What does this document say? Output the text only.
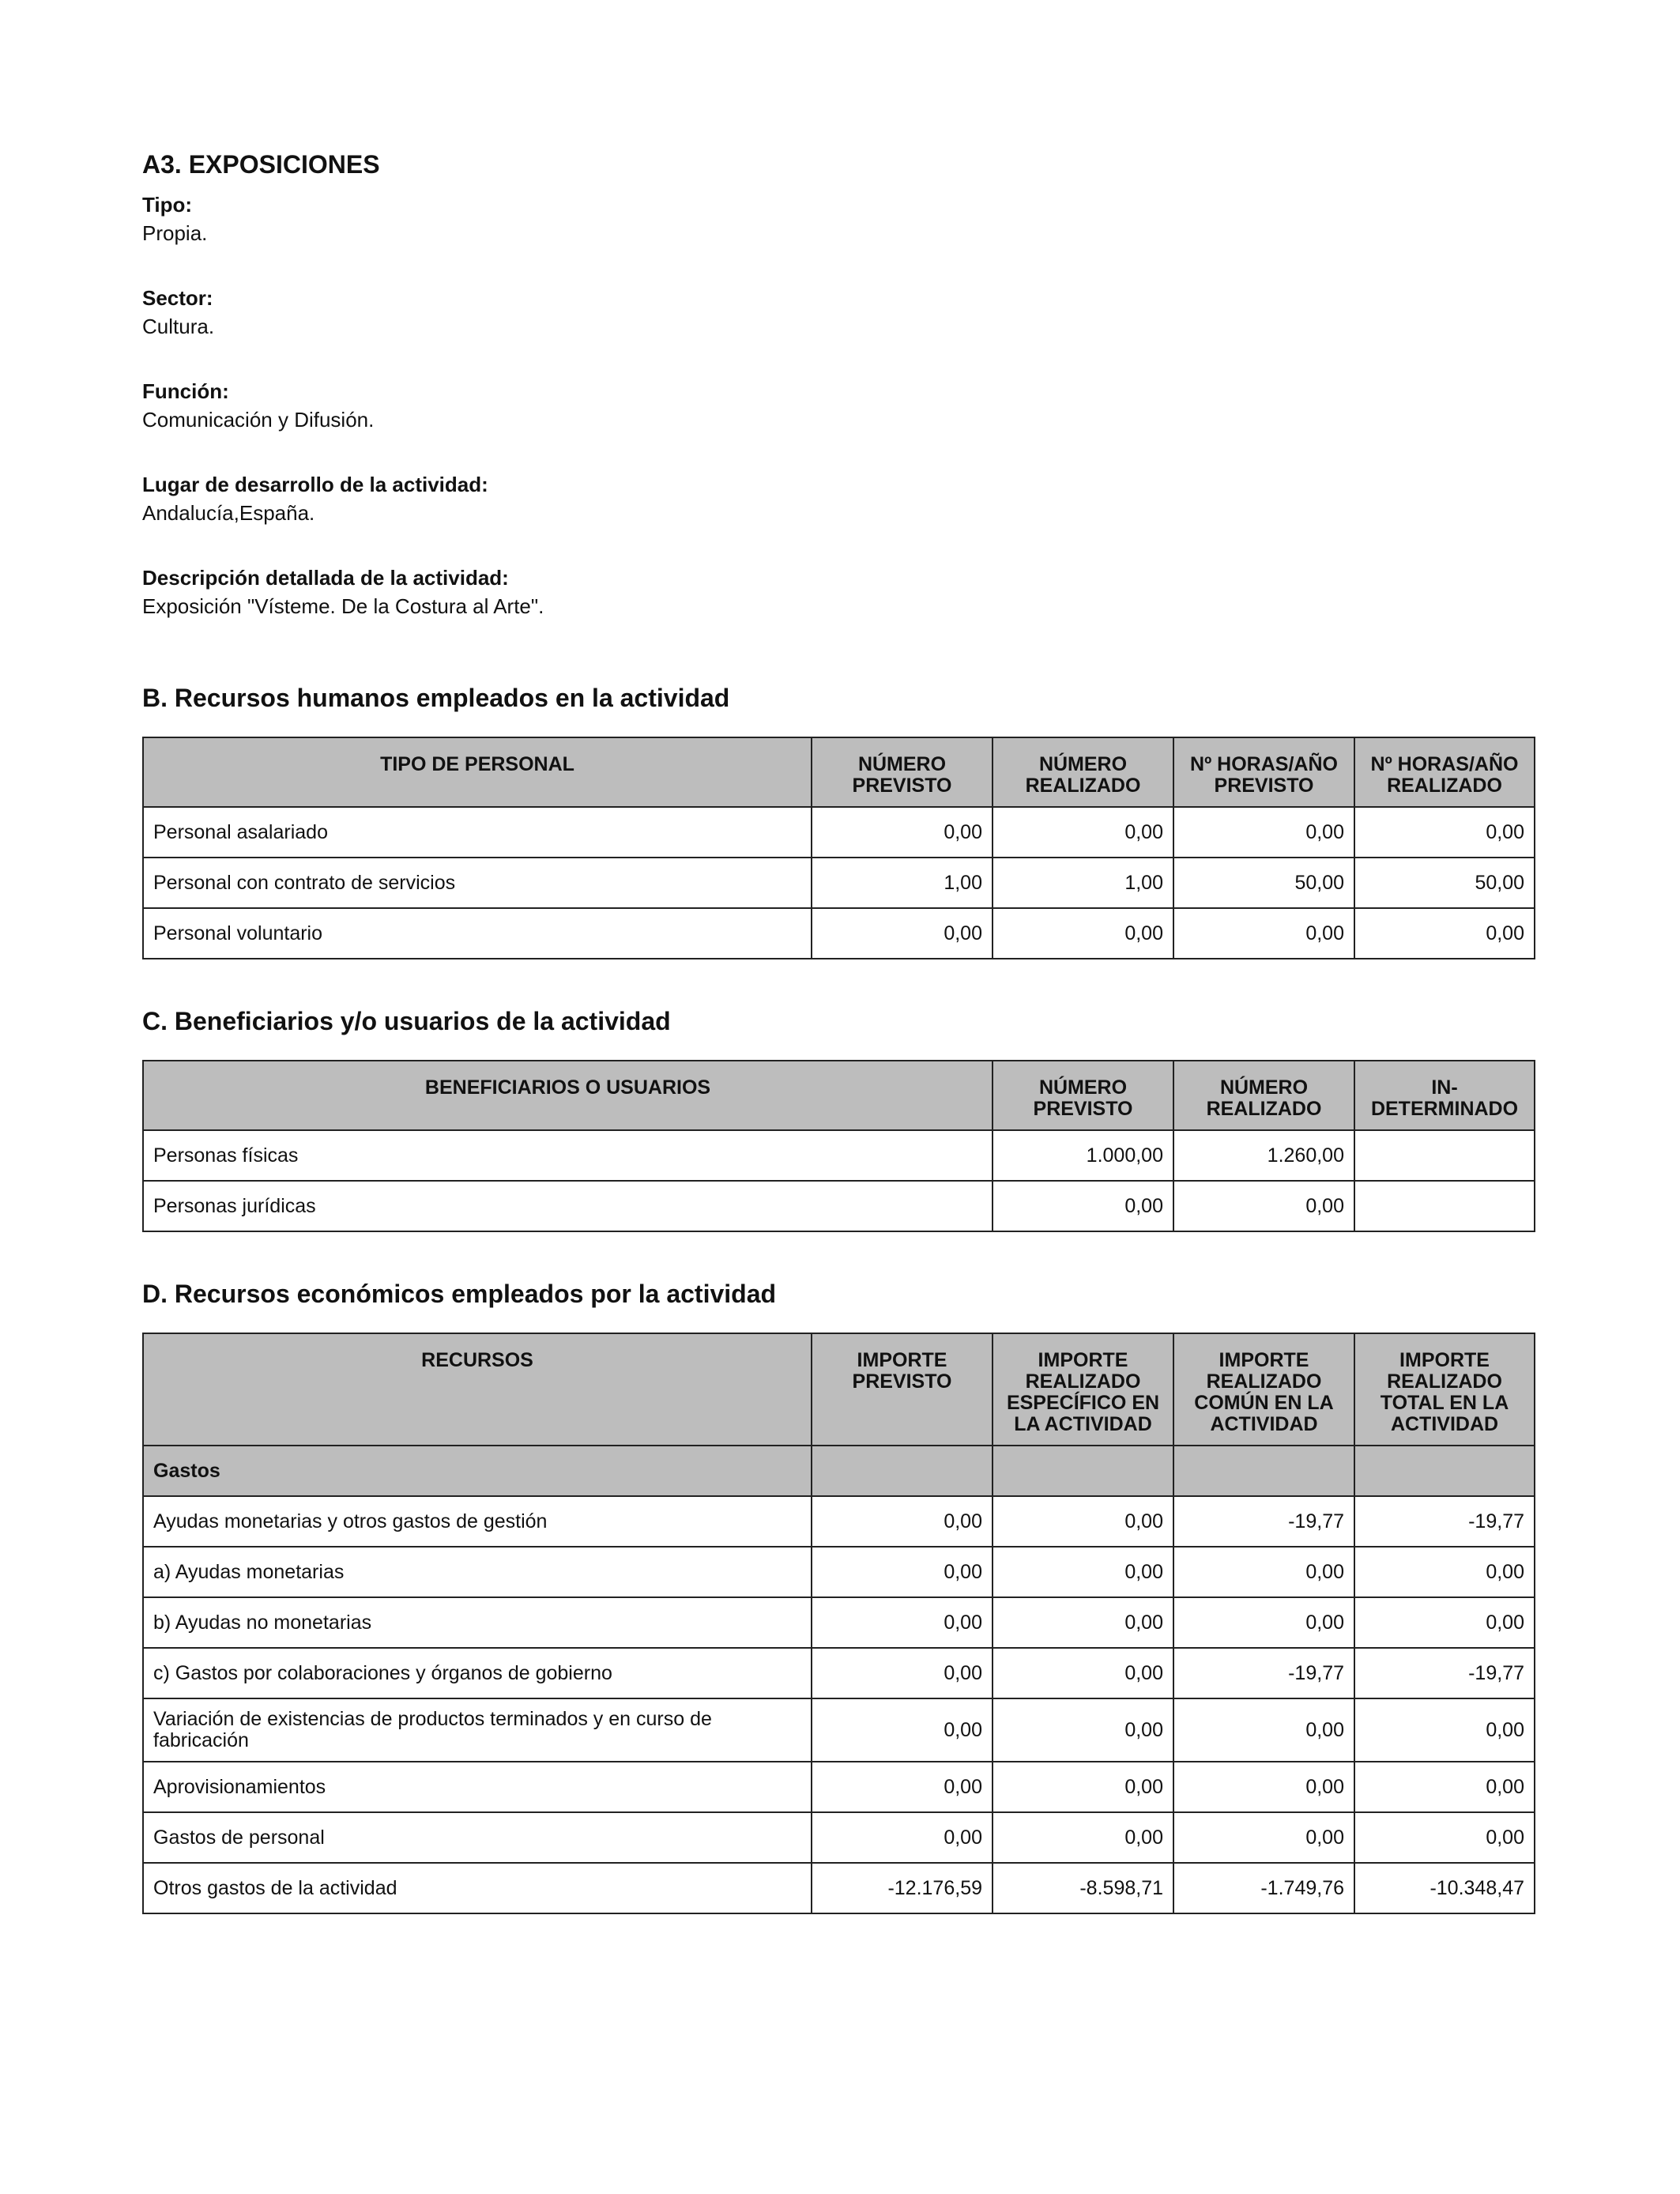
A3. EXPOSICIONES
Tipo:
Propia.
Sector:
Cultura.
Función:
Comunicación y Difusión.
Lugar de desarrollo de la actividad:
Andalucía,España.
Descripción detallada de la actividad:
Exposición "Vísteme. De la Costura al Arte".
B. Recursos humanos empleados en la actividad
TIPO DE PERSONAL	NÚMERO PREVISTO	NÚMERO REALIZADO	Nº HORAS/AÑO PREVISTO	Nº HORAS/AÑO REALIZADO
Personal asalariado	0,00	0,00	0,00	0,00
Personal con contrato de servicios	1,00	1,00	50,00	50,00
Personal voluntario	0,00	0,00	0,00	0,00
C. Beneficiarios y/o usuarios de la actividad
BENEFICIARIOS O USUARIOS	NÚMERO PREVISTO	NÚMERO REALIZADO	IN-DETERMINADO
Personas físicas	1.000,00	1.260,00	
Personas jurídicas	0,00	0,00	
D. Recursos económicos empleados por la actividad
RECURSOS	IMPORTE PREVISTO	IMPORTE REALIZADO ESPECÍFICO EN LA ACTIVIDAD	IMPORTE REALIZADO COMÚN EN LA ACTIVIDAD	IMPORTE REALIZADO TOTAL EN LA ACTIVIDAD
Gastos				
Ayudas monetarias y otros gastos de gestión	0,00	0,00	-19,77	-19,77
a) Ayudas monetarias	0,00	0,00	0,00	0,00
b) Ayudas no monetarias	0,00	0,00	0,00	0,00
c) Gastos por colaboraciones y órganos de gobierno	0,00	0,00	-19,77	-19,77
Variación de existencias de productos terminados y en curso de fabricación	0,00	0,00	0,00	0,00
Aprovisionamientos	0,00	0,00	0,00	0,00
Gastos de personal	0,00	0,00	0,00	0,00
Otros gastos de la actividad	-12.176,59	-8.598,71	-1.749,76	-10.348,47
